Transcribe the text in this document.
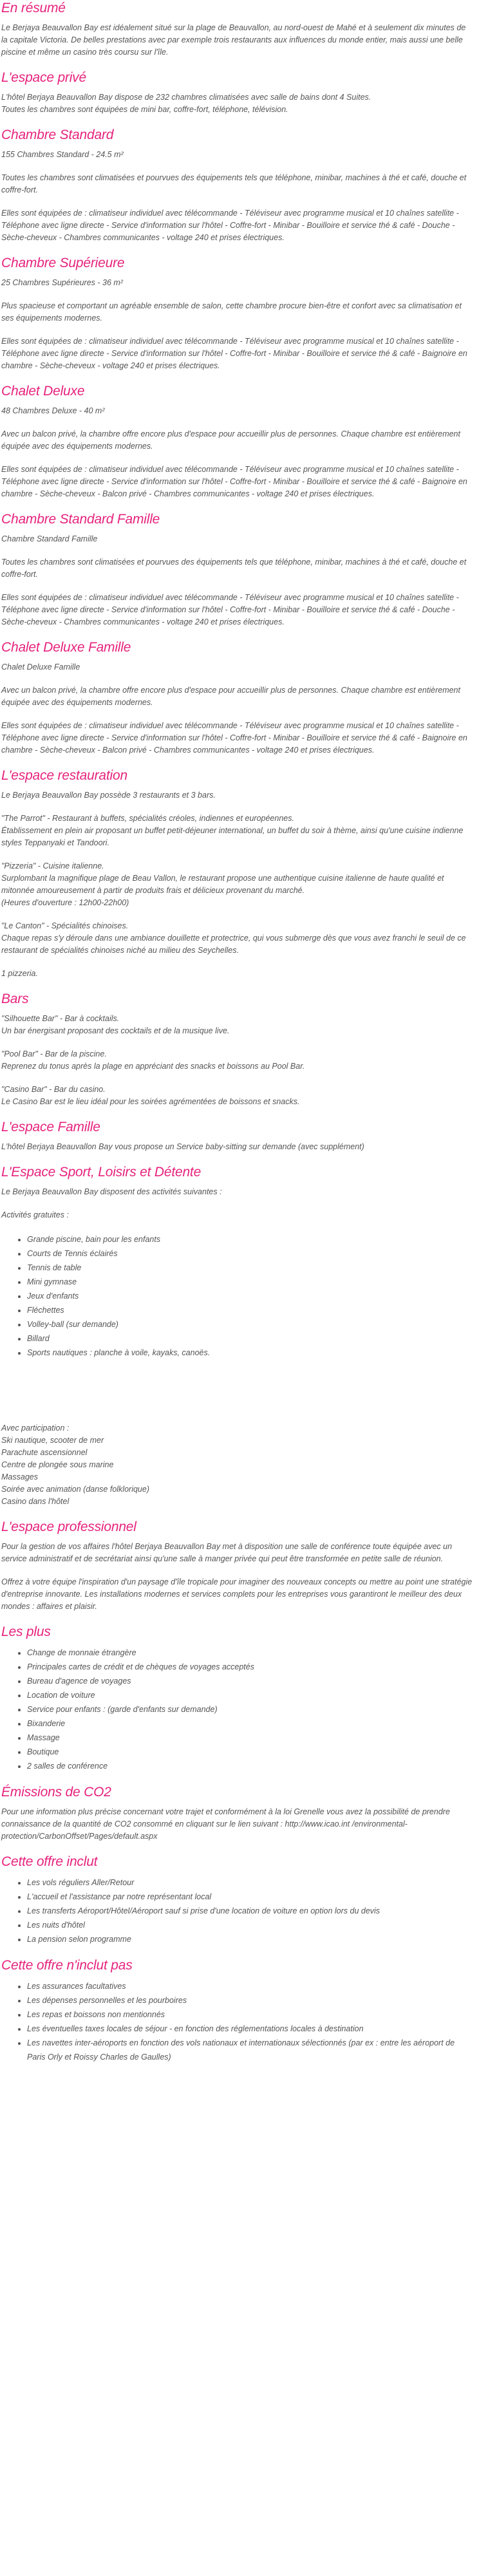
En résumé

Le Berjaya Beauvallon Bay est idéalement situé sur la plage de Beauvallon, au nord-ouest de Mahé et à seulement dix minutes de la capitale Victoria. De belles prestations avec par exemple trois restaurants aux influences du monde entier, mais aussi une belle piscine et même un casino très coursu sur l'île.

L'espace privé

L'hôtel Berjaya Beauvallon Bay dispose de 232 chambres climatisées avec salle de bains dont 4 Suites.
Toutes les chambres sont équipées de mini bar, coffre-fort, téléphone, télévision.

Chambre Standard

155 Chambres Standard - 24.5 m²

Toutes les chambres sont climatisées et pourvues des équipements tels que téléphone, minibar, machines à thé et café, douche et coffre-fort.

Elles sont équipées de : climatiseur individuel avec télécommande - Téléviseur avec programme musical et 10 chaînes satellite - Téléphone avec ligne directe - Service d'information sur l'hôtel - Coffre-fort - Minibar - Bouilloire et service thé & café - Douche - Sèche-cheveux - Chambres communicantes - voltage 240 et prises électriques.

Chambre Supérieure

25 Chambres Supérieures - 36 m²

Plus spacieuse et comportant un agréable ensemble de salon, cette chambre procure bien-être et confort avec sa climatisation et ses équipements modernes.

Elles sont équipées de : climatiseur individuel avec télécommande - Téléviseur avec programme musical et 10 chaînes satellite - Téléphone avec ligne directe - Service d'information sur l'hôtel - Coffre-fort - Minibar - Bouilloire et service thé & café - Baignoire en chambre - Sèche-cheveux - voltage 240 et prises électriques.

Chalet Deluxe

48 Chambres Deluxe - 40 m²

Avec un balcon privé, la chambre offre encore plus d'espace pour accueillir plus de personnes. Chaque chambre est entièrement équipée avec des équipements modernes.

Elles sont équipées de : climatiseur individuel avec télécommande - Téléviseur avec programme musical et 10 chaînes satellite - Téléphone avec ligne directe - Service d'information sur l'hôtel - Coffre-fort - Minibar - Bouilloire et service thé & café - Baignoire en chambre - Sèche-cheveux - Balcon privé - Chambres communicantes - voltage 240 et prises électriques.

Chambre Standard Famille

Chambre Standard Famille

Toutes les chambres sont climatisées et pourvues des équipements tels que téléphone, minibar, machines à thé et café, douche et coffre-fort.

Elles sont équipées de : climatiseur individuel avec télécommande - Téléviseur avec programme musical et 10 chaînes satellite - Téléphone avec ligne directe - Service d'information sur l'hôtel - Coffre-fort - Minibar - Bouilloire et service thé & café - Douche - Sèche-cheveux - Chambres communicantes - voltage 240 et prises électriques.

Chalet Deluxe Famille

Chalet Deluxe Famille

Avec un balcon privé, la chambre offre encore plus d'espace pour accueillir plus de personnes. Chaque chambre est entièrement équipée avec des équipements modernes.

Elles sont équipées de : climatiseur individuel avec télécommande - Téléviseur avec programme musical et 10 chaînes satellite - Téléphone avec ligne directe - Service d'information sur l'hôtel - Coffre-fort - Minibar - Bouilloire et service thé & café - Baignoire en chambre - Sèche-cheveux - Balcon privé - Chambres communicantes - voltage 240 et prises électriques.

L'espace restauration

Le Berjaya Beauvallon Bay possède 3 restaurants et 3 bars.

"The Parrot" - Restaurant à buffets, spécialités créoles, indiennes et européennes.
Établissement en plein air proposant un buffet petit-déjeuner international, un buffet du soir à thème, ainsi qu'une cuisine indienne styles Teppanyaki et Tandoori.

"Pizzeria" - Cuisine italienne.
Surplombant la magnifique plage de Beau Vallon, le restaurant propose une authentique cuisine italienne de haute qualité et mitonnée amoureusement à partir de produits frais et délicieux provenant du marché.
(Heures d'ouverture : 12h00-22h00)

"Le Canton" - Spécialités chinoises.
Chaque repas s'y déroule dans une ambiance douillette et protectrice, qui vous submerge dès que vous avez franchi le seuil de ce restaurant de spécialités chinoises niché au milieu des Seychelles.

1 pizzeria.

Bars

"Silhouette Bar" - Bar à cocktails.
Un bar énergisant proposant des cocktails et de la musique live.

"Pool Bar" - Bar de la piscine.
Reprenez du tonus après la plage en appréciant des snacks et boissons au Pool Bar.

"Casino Bar" - Bar du casino.
Le Casino Bar est le lieu idéal pour les soirées agrémentées de boissons et snacks.

L'espace Famille

L'hôtel Berjaya Beauvallon Bay vous propose un Service baby-sitting sur demande (avec supplément)

L'Espace Sport, Loisirs et Détente

Le Berjaya Beauvallon Bay disposent des activités suivantes :

Activités gratuites :

• Grande piscine, bain pour les enfants
• Courts de Tennis éclairés
• Tennis de table
• Mini gymnase
• Jeux d'enfants
• Fléchettes
• Volley-ball (sur demande)
• Billard
• Sports nautiques : planche à voile, kayaks, canoës.

Avec participation :
Ski nautique, scooter de mer
Parachute ascensionnel
Centre de plongée sous marine
Massages
Soirée avec animation (danse folklorique)
Casino dans l'hôtel

L'espace professionnel

Pour la gestion de vos affaires l'hôtel Berjaya Beauvallon Bay met à disposition une salle de conférence toute équipée avec un service administratif et de secrétariat ainsi qu'une salle à manger privée qui peut être transformée en petite salle de réunion.

Offrez à votre équipe l'inspiration d'un paysage d'île tropicale pour imaginer des nouveaux concepts ou mettre au point une stratégie d'entreprise innovante. Les installations modernes et services complets pour les entreprises vous garantiront le meilleur des deux mondes : affaires et plaisir.

Les plus
• Change de monnaie étrangère
• Principales cartes de crédit et de chèques de voyages acceptés
• Bureau d'agence de voyages
• Location de voiture
• Service pour enfants : (garde d'enfants sur demande)
• Bixanderie
• Massage
• Boutique
• 2 salles de conférence
Émissions de CO2

Pour une information plus précise concernant votre trajet et conformément à la loi Grenelle vous avez la possibilité de prendre connaissance de la quantité de CO2 consommé en cliquant sur le lien suivant : http://www.icao.int /environmental-protection/CarbonOffset/Pages/default.aspx

Cette offre inclut
• Les vols réguliers Aller/Retour
• L'accueil et l'assistance par notre représentant local
• Les transferts Aéroport/Hôtel/Aéroport sauf si prise d'une location de voiture en option lors du devis
• Les nuits d'hôtel
• La pension selon programme
Cette offre n'inclut pas
• Les assurances facultatives
• Les dépenses personnelles et les pourboires
• Les repas et boissons non mentionnés
• Les éventuelles taxes locales de séjour - en fonction des réglementations locales à destination
• Les navettes inter-aéroports en fonction des vols nationaux et internationaux sélectionnés (par ex : entre les aéroport de Paris Orly et Roissy Charles de Gaulles)
